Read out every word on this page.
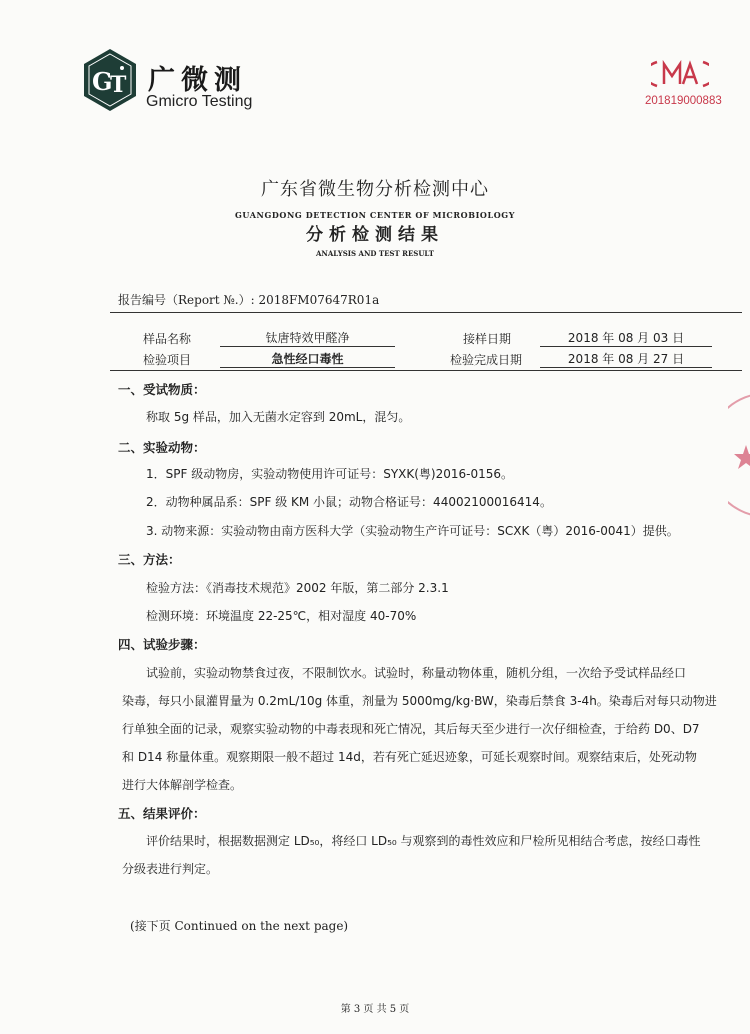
G
T 广微测
Gmicro Testing	201819000883
广东省微生物分析检测中心
GUANGDONG DETECTION CENTER OF MICROBIOLOGY
分析检测结果
ANALYSIS AND TEST RESULT
报告编号（Report №.）: 2018FM07647R01a
样品名称	钛唐特效甲醛净	接样日期	2018 年 08 月 03 日
检验项目	急性经口毒性	检验完成日期	2018 年 08 月 27 日
一、受试物质：
称取 5g 样品，加入无菌水定容到 20mL，混匀。
二、实验动物：
1．SPF 级动物房，实验动物使用许可证号：SYXK(粤)2016-0156。
2．动物种属品系：SPF 级 KM 小鼠；动物合格证号：44002100016414。
3. 动物来源：实验动物由南方医科大学（实验动物生产许可证号：SCXK（粤）2016-0041）提供。
三、方法：
检验方法：《消毒技术规范》2002 年版，第二部分 2.3.1
检测环境：环境温度 22-25℃，相对湿度 40-70%
四、试验步骤：
试验前，实验动物禁食过夜，不限制饮水。试验时，称量动物体重，随机分组，一次给予受试样品经口
染毒，每只小鼠灌胃量为 0.2mL/10g 体重，剂量为 5000mg/kg·BW，染毒后禁食 3-4h。染毒后对每只动物进
行单独全面的记录，观察实验动物的中毒表现和死亡情况，其后每天至少进行一次仔细检查，于给药 D0、D7
和 D14 称量体重。观察期限一般不超过 14d，若有死亡延迟迹象，可延长观察时间。观察结束后，处死动物
进行大体解剖学检查。
五、结果评价：
评价结果时，根据数据测定 LD₅₀，将经口 LD₅₀ 与观察到的毒性效应和尸检所见相结合考虑，按经口毒性
分级表进行判定。
(接下页 Continued on the next page)
第 3 页 共 5 页
